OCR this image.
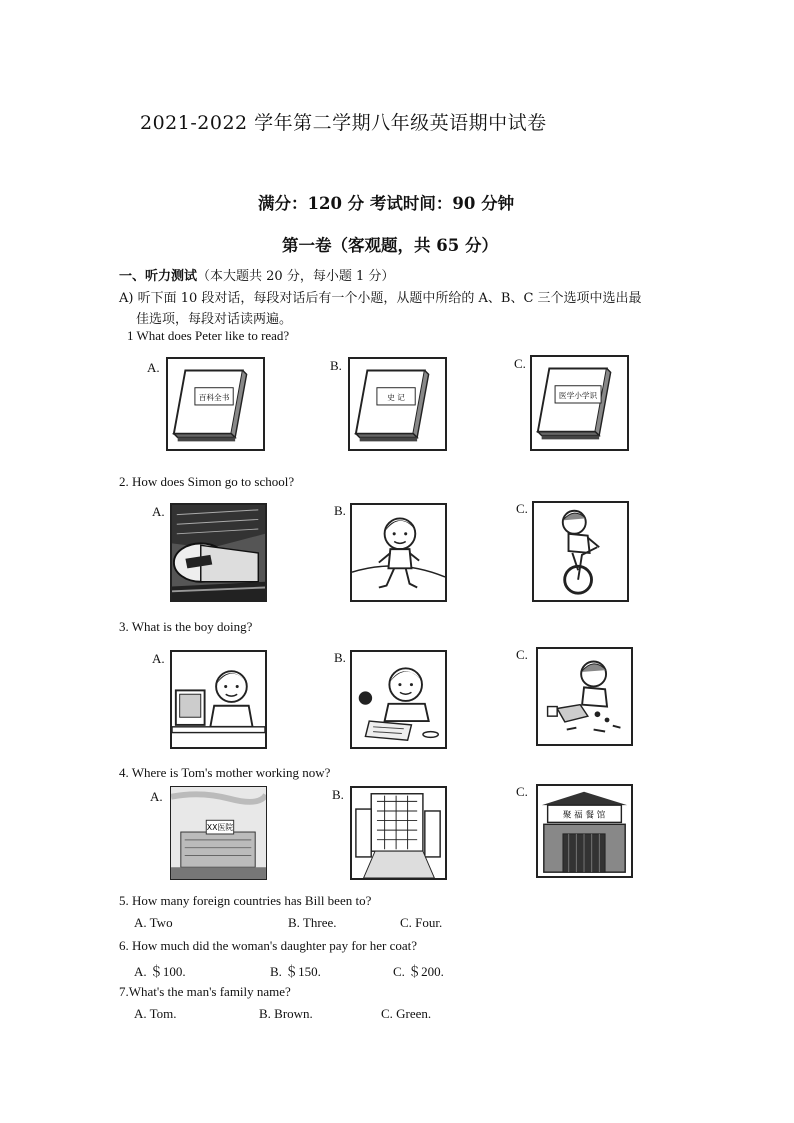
2021-2022 学年第二学期八年级英语期中试卷
满分：120 分 考试时间：90 分钟
第一卷（客观题，共 65 分）
一、听力测试（本大题共 20 分，每小题 1 分）
A) 听下面 10 段对话，每段对话后有一个小题，从题中所给的 A、B、C 三个选项中选出最
佳选项，每段对话读两遍。
1 What does Peter like to read?
A.	B.	C.
百科全书	史 记	医学小学识
2. How does Simon go to school?
A.	B.	C.
3. What is the boy doing?
A.	B.	C.
4. Where is Tom's mother working now?
A.	B.	C.
XX医院
聚 福 餐 馆
5. How many foreign countries has Bill been to?
A. Two	B. Three.	C. Four.
6. How much did the woman's daughter pay for her coat?
A. ＄100.	B. ＄150.	C. ＄200.
7.What's the man's family name?
A. Tom.	B. Brown.	C. Green.
